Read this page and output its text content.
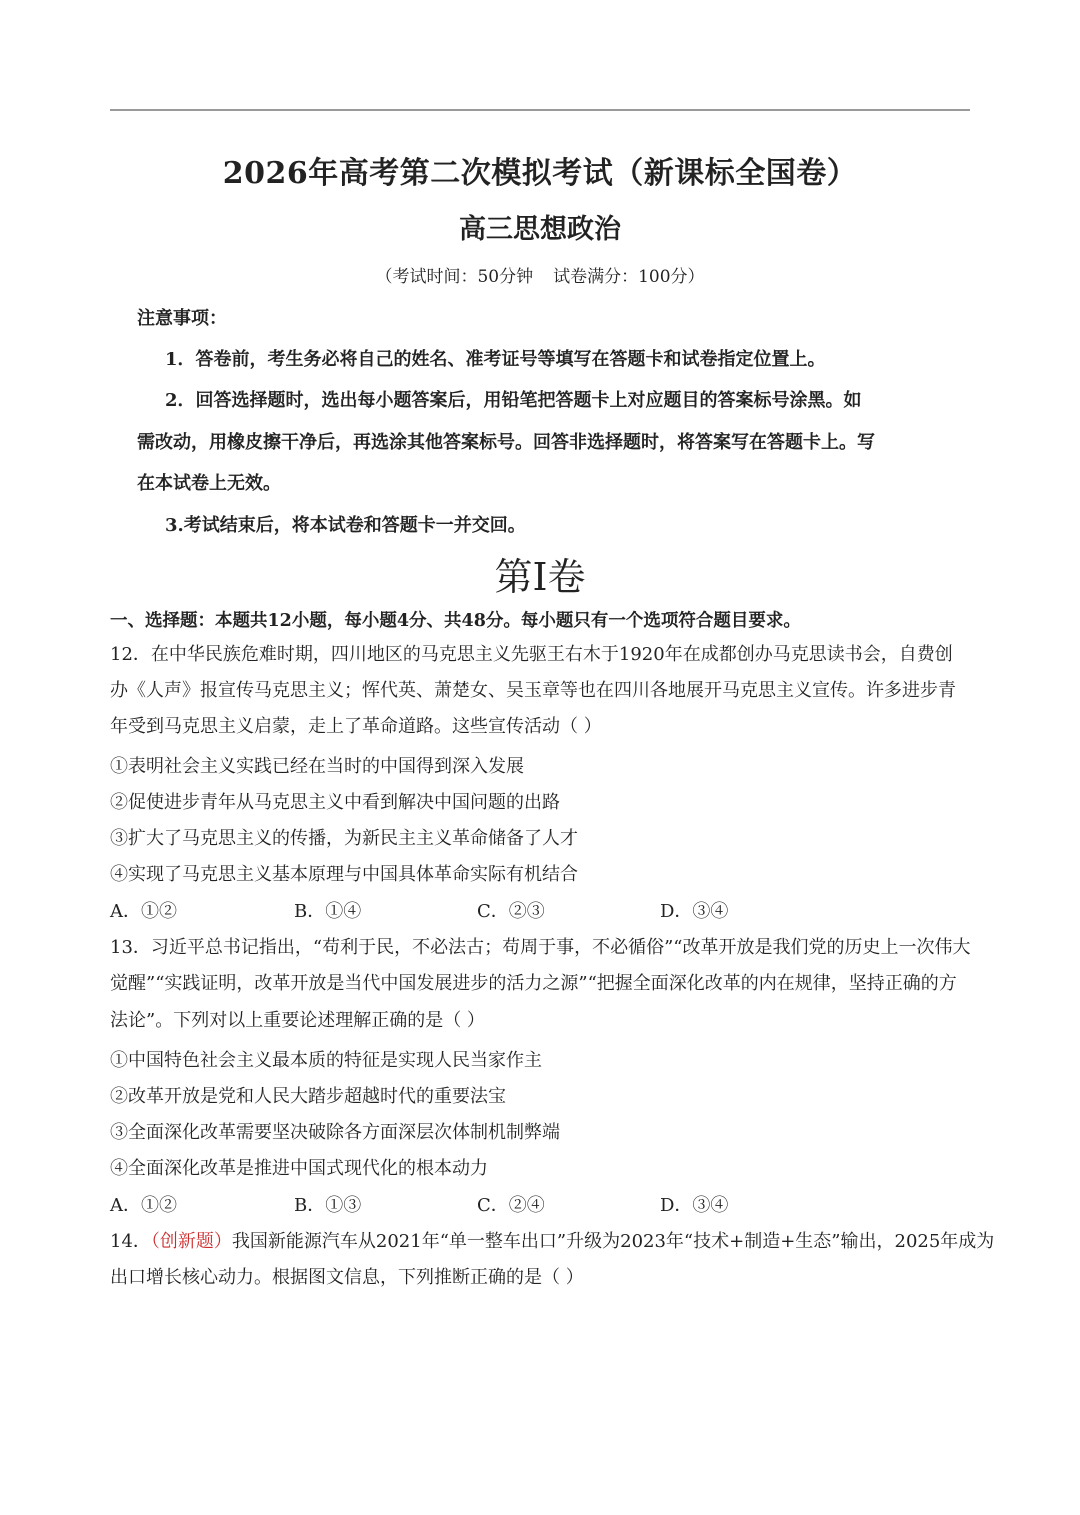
2026年高考第二次模拟考试（新课标全国卷）
高三思想政治
（考试时间：50分钟 试卷满分：100分）
注意事项：
1．答卷前，考生务必将自己的姓名、准考证号等填写在答题卡和试卷指定位置上。
2．回答选择题时，选出每小题答案后，用铅笔把答题卡上对应题目的答案标号涂黑。如
需改动，用橡皮擦干净后，再选涂其他答案标号。回答非选择题时，将答案写在答题卡上。写
在本试卷上无效。
3.考试结束后，将本试卷和答题卡一并交回。
第Ⅰ卷
一、选择题：本题共12小题，每小题4分、共48分。每小题只有一个选项符合题目要求。
12．在中华民族危难时期，四川地区的马克思主义先驱王右木于1920年在成都创办马克思读书会，自费创
办《人声》报宣传马克思主义；恽代英、萧楚女、吴玉章等也在四川各地展开马克思主义宣传。许多进步青
年受到马克思主义启蒙，走上了革命道路。这些宣传活动（ ）
①表明社会主义实践已经在当时的中国得到深入发展
②促使进步青年从马克思主义中看到解决中国问题的出路
③扩大了马克思主义的传播，为新民主主义革命储备了人才
④实现了马克思主义基本原理与中国具体革命实际有机结合
A．①②	B．①④	C．②③	D．③④
13．习近平总书记指出，“苟利于民，不必法古；苟周于事，不必循俗”“改革开放是我们党的历史上一次伟大
觉醒”“实践证明，改革开放是当代中国发展进步的活力之源”“把握全面深化改革的内在规律，坚持正确的方
法论”。下列对以上重要论述理解正确的是（ ）
①中国特色社会主义最本质的特征是实现人民当家作主
②改革开放是党和人民大踏步超越时代的重要法宝
③全面深化改革需要坚决破除各方面深层次体制机制弊端
④全面深化改革是推进中国式现代化的根本动力
A．①②	B．①③	C．②④	D．③④
14．（创新题）我国新能源汽车从2021年“单一整车出口”升级为2023年“技术+制造+生态”输出，2025年成为
出口增长核心动力。根据图文信息，下列推断正确的是（ ）
